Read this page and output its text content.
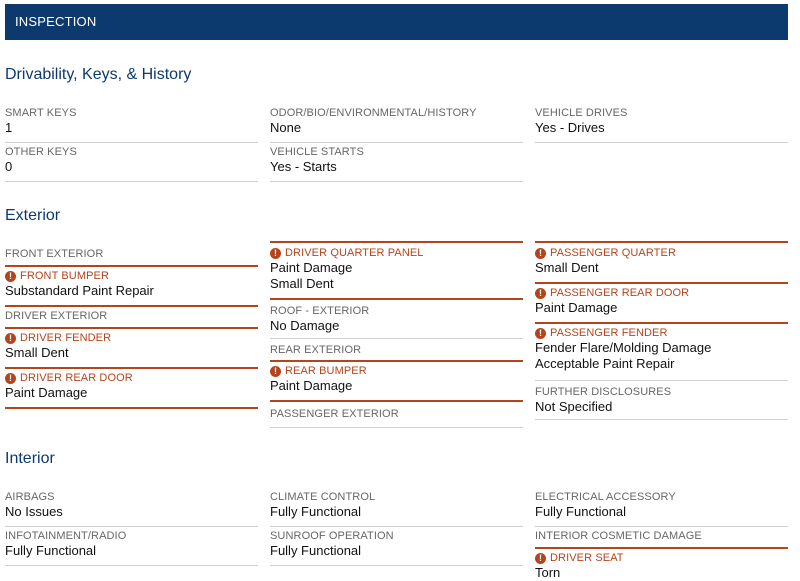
INSPECTION
Drivability, Keys, & History
SMART KEYS
1
OTHER KEYS
0
ODOR/BIO/ENVIRONMENTAL/HISTORY
None
VEHICLE STARTS
Yes - Starts
VEHICLE DRIVES
Yes - Drives
Exterior
FRONT EXTERIOR
! FRONT BUMPER
Substandard Paint Repair
DRIVER EXTERIOR
! DRIVER FENDER
Small Dent
! DRIVER REAR DOOR
Paint Damage
! DRIVER QUARTER PANEL
Paint Damage
Small Dent
ROOF - EXTERIOR
No Damage
REAR EXTERIOR
! REAR BUMPER
Paint Damage
PASSENGER EXTERIOR
! PASSENGER QUARTER
Small Dent
! PASSENGER REAR DOOR
Paint Damage
! PASSENGER FENDER
Fender Flare/Molding Damage
Acceptable Paint Repair
FURTHER DISCLOSURES
Not Specified
Interior
AIRBAGS
No Issues
INFOTAINMENT/RADIO
Fully Functional
CLIMATE CONTROL
Fully Functional
SUNROOF OPERATION
Fully Functional
ELECTRICAL ACCESSORY
Fully Functional
INTERIOR COSMETIC DAMAGE
! DRIVER SEAT
Torn
